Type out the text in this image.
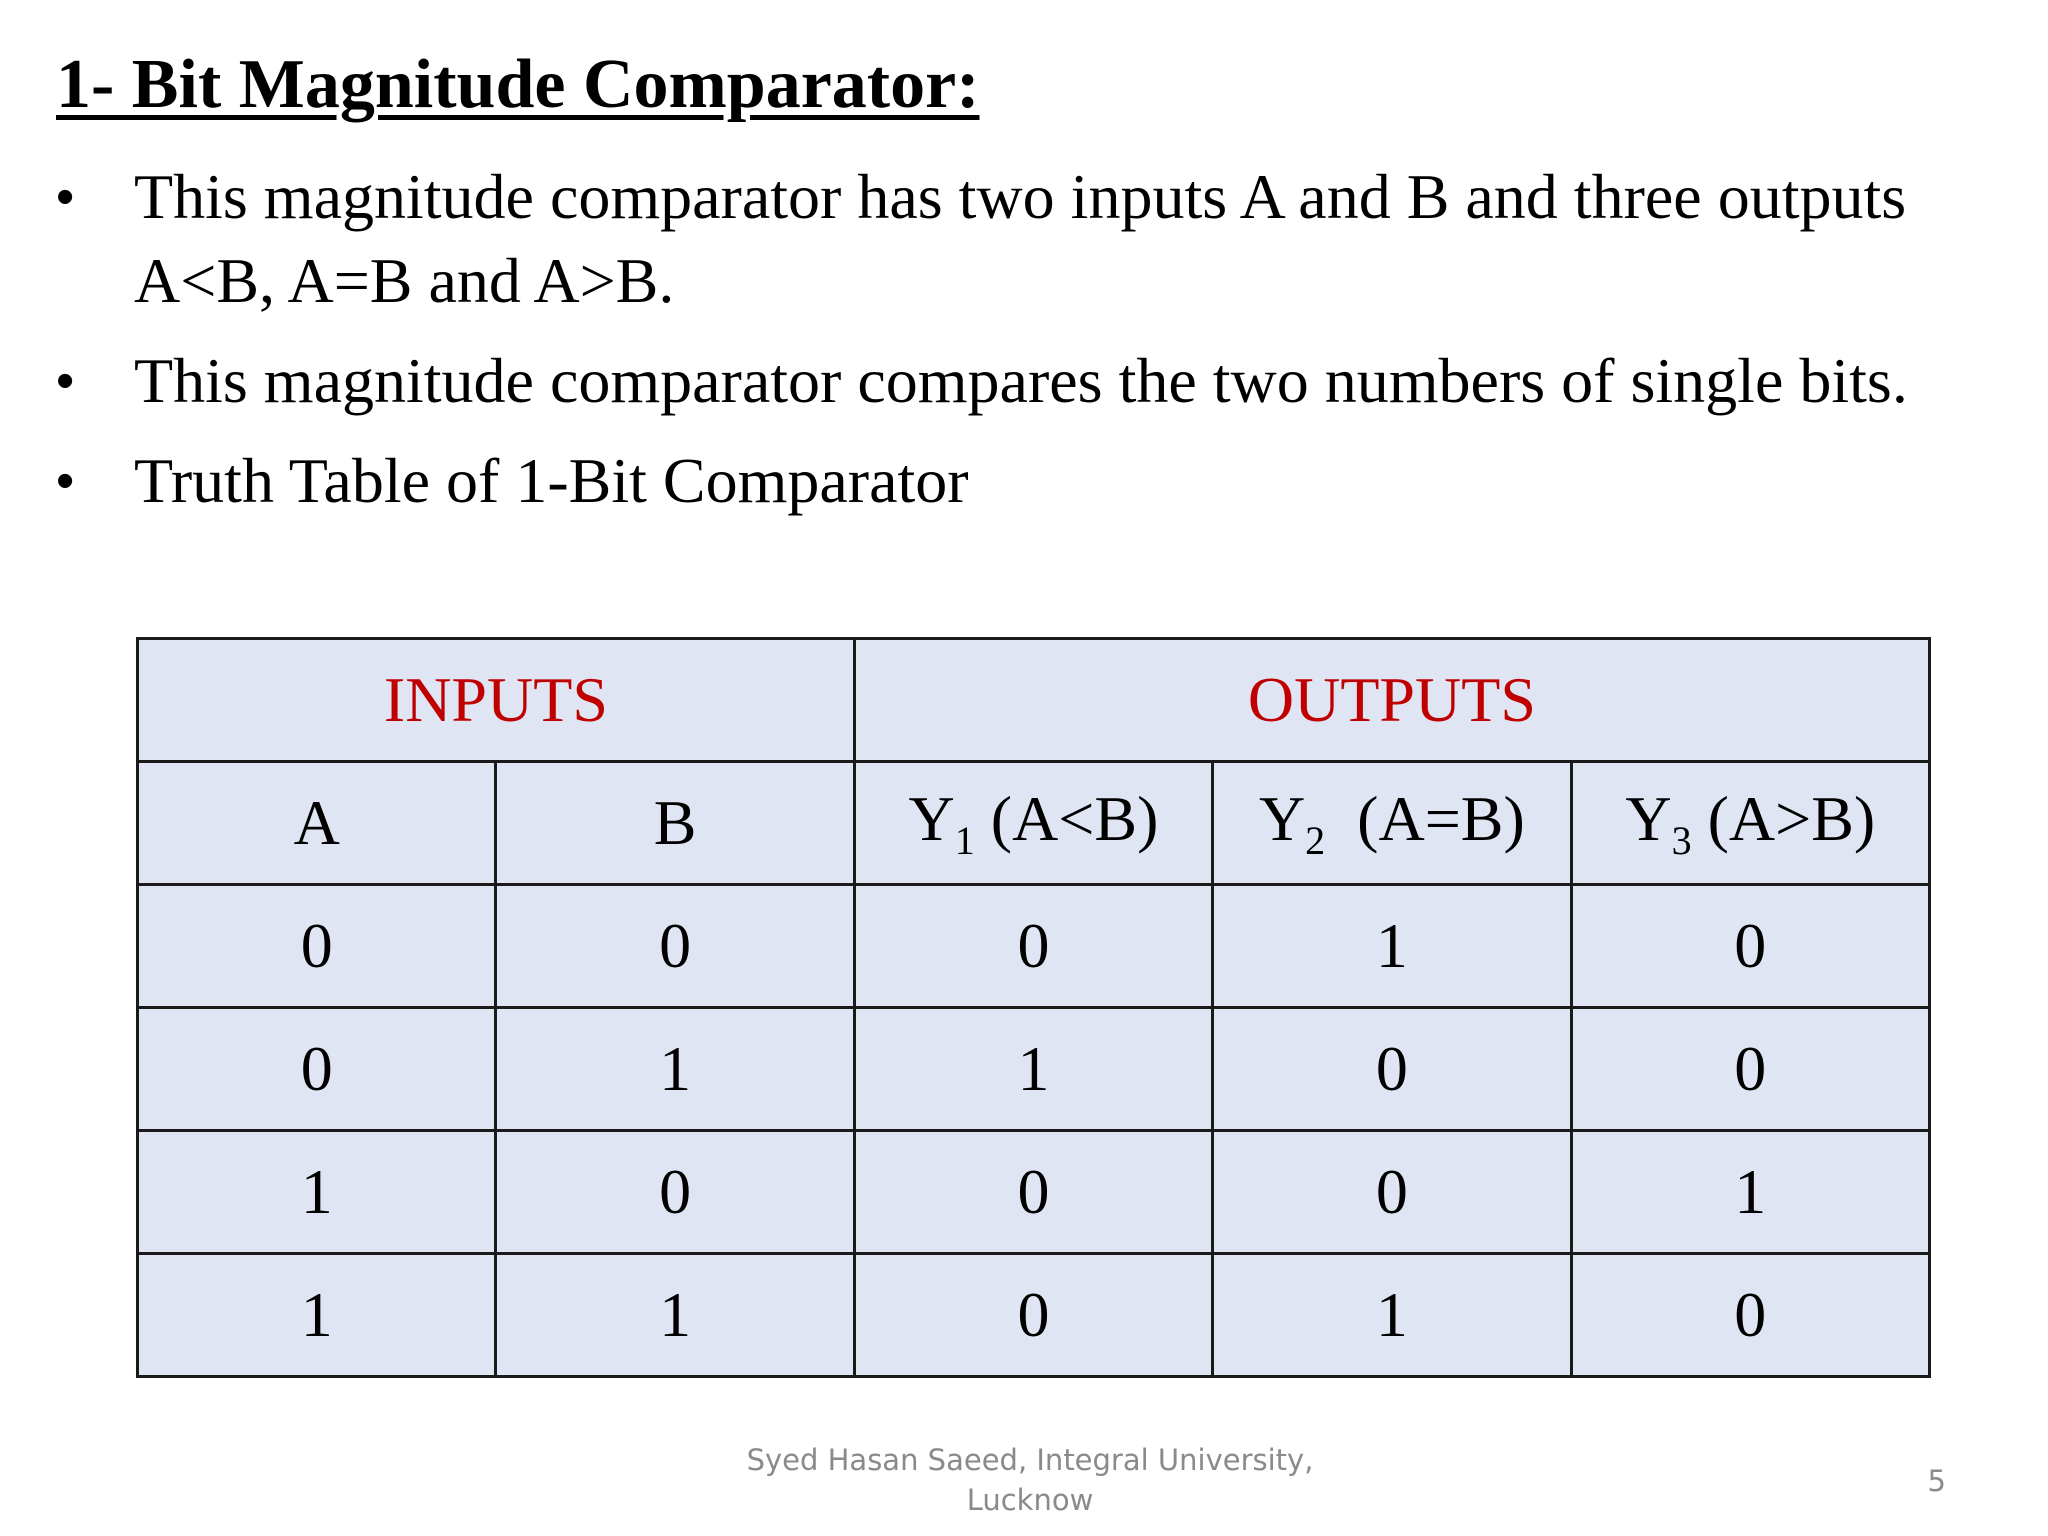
1- Bit Magnitude Comparator:
• This magnitude comparator has two inputs A and B and three outputs A<B, A=B and A>B.
• This magnitude comparator compares the two numbers of single bits.
• Truth Table of 1-Bit Comparator
INPUTS		OUTPUTS		
A	B	$Y_1$ (A<B)	$Y_2$  (A=B)	$Y_3$ (A>B)
0	0	0	1	0
0	1	1	0	0
1	0	0	0	1
1	1	0	1	0
Syed Hasan Saeed, Integral University,
Lucknow
5
